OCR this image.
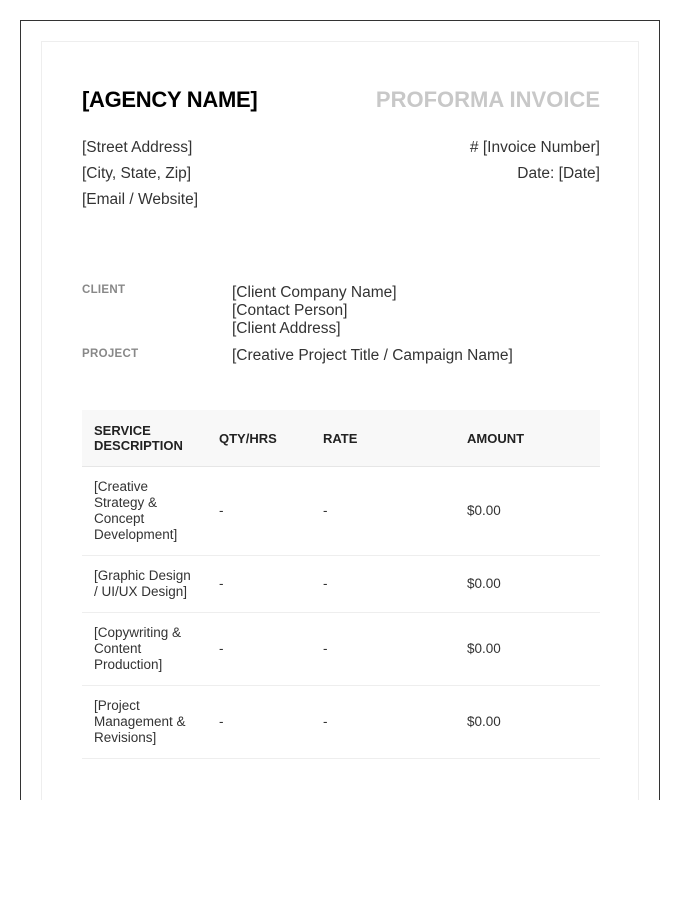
[AGENCY NAME]	PROFORMA INVOICE
[Street Address]
[City, State, Zip]
[Email / Website]
# [Invoice Number]
Date: [Date]
CLIENT	[Client Company Name]
[Contact Person]
[Client Address]
PROJECT	[Creative Project Title / Campaign Name]
SERVICE DESCRIPTION	QTY/HRS	RATE	AMOUNT
[Creative Strategy & Concept Development]	-	-	$0.00
[Graphic Design / UI/UX Design]	-	-	$0.00
[Copywriting & Content Production]	-	-	$0.00
[Project Management & Revisions]	-	-	$0.00
